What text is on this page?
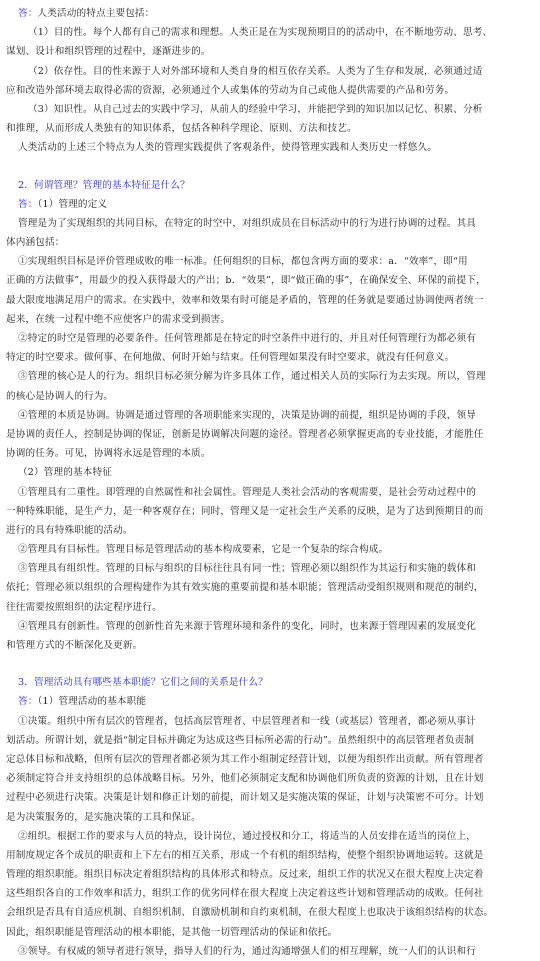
答：人类活动的特点主要包括：
（1）目的性。每个人都有自己的需求和理想。人类正是在为实现预期目的的活动中，在不断地劳动、思考、
谋划、设计和组织管理的过程中，逐渐进步的。
（2）依存性。目的性来源于人对外部环境和人类自身的相互依存关系。人类为了生存和发展，必须通过适
应和改造外部环境去取得必需的资源，必须通过个人或集体的劳动为自己或他人提供需要的产品和劳务。
（3）知识性。从自己过去的实践中学习，从前人的经验中学习，并能把学到的知识加以记忆、积累、分析
和推理，从而形成人类独有的知识体系，包括各种科学理论、原则、方法和技艺。
人类活动的上述三个特点为人类的管理实践提供了客观条件，使得管理实践和人类历史一样悠久。
2．何谓管理？管理的基本特征是什么？
答：（1）管理的定义
管理是为了实现组织的共同目标，在特定的时空中，对组织成员在目标活动中的行为进行协调的过程。其具
体内涵包括：
①实现组织目标是评价管理成败的唯一标准。任何组织的目标，都包含两方面的要求：a．“效率”，即“用
正确的方法做事”，用最少的投入获得最大的产出；b．“效果”，即“做正确的事”，在确保安全、环保的前提下，
最大限度地满足用户的需求。在实践中，效率和效果有时可能是矛盾的，管理的任务就是要通过协调使两者统一
起来，在统一过程中绝不应使客户的需求受到损害。
②特定的时空是管理的必要条件。任何管理都是在特定的时空条件中进行的，并且对任何管理行为都必须有
特定的时空要求。做何事、在何地做、何时开始与结束。任何管理如果没有时空要求，就没有任何意义。
③管理的核心是人的行为。组织目标必须分解为许多具体工作，通过相关人员的实际行为去实现。所以，管理
的核心是协调人的行为。
④管理的本质是协调。协调是通过管理的各项职能来实现的，决策是协调的前提，组织是协调的手段，领导
是协调的责任人，控制是协调的保证，创新是协调解决问题的途径。管理者必须掌握更高的专业技能，才能胜任
协调的任务。可见，协调将永远是管理的本质。
（2）管理的基本特征
①管理具有二重性。即管理的自然属性和社会属性。管理是人类社会活动的客观需要，是社会劳动过程中的
一种特殊职能，是生产力，是一种客观存在；同时，管理又是一定社会生产关系的反映，是为了达到预期目的而
进行的具有特殊职能的活动。
②管理具有目标性。管理目标是管理活动的基本构成要素，它是一个复杂的综合构成。
③管理具有组织性。管理的目标与组织的目标往往具有同一性；管理必须以组织作为其运行和实施的载体和
依托；管理必须以组织的合理构建作为其有效实施的重要前提和基本职能；管理活动受组织规则和规范的制约，
往往需要按照组织的法定程序进行。
④管理具有创新性。管理的创新性首先来源于管理环境和条件的变化，同时，也来源于管理因素的发展变化
和管理方式的不断深化及更新。
3．管理活动具有哪些基本职能？它们之间的关系是什么？
答：（1）管理活动的基本职能
①决策。组织中所有层次的管理者，包括高层管理者、中层管理者和一线（或基层）管理者，都必须从事计
划活动。所谓计划，就是指“制定目标并确定为达成这些目标所必需的行动”。虽然组织中的高层管理者负责制
定总体目标和战略，但所有层次的管理者都必须为其工作小组制定经营计划，以便为组织作出贡献。所有管理者
必须制定符合并支持组织的总体战略目标。另外，他们必须制定支配和协调他们所负责的资源的计划，且在计划
过程中必须进行决策。决策是计划和修正计划的前提，而计划又是实施决策的保证，计划与决策密不可分。计划
是为决策服务的，是实施决策的工具和保证。
②组织。根据工作的要求与人员的特点，设计岗位，通过授权和分工，将适当的人员安排在适当的岗位上，
用制度规定各个成员的职责和上下左右的相互关系，形成一个有机的组织结构，使整个组织协调地运转。这就是
管理的组织职能。组织目标决定着组织结构的具体形式和特点。反过来，组织工作的状况又在很大程度上决定着
这些组织各自的工作效率和活力，组织工作的优劣同样在很大程度上决定着这些计划和管理活动的成败。任何社
会组织是否具有自适应机制、自组织机制、自激励机制和自约束机制，在很大程度上也取决于该组织结构的状态。
因此，组织职能是管理活动的根本职能，是其他一切管理活动的保证和依托。
③领导。有权威的领导者进行领导，指导人们的行为，通过沟通增强人们的相互理解，统一人们的认识和行
